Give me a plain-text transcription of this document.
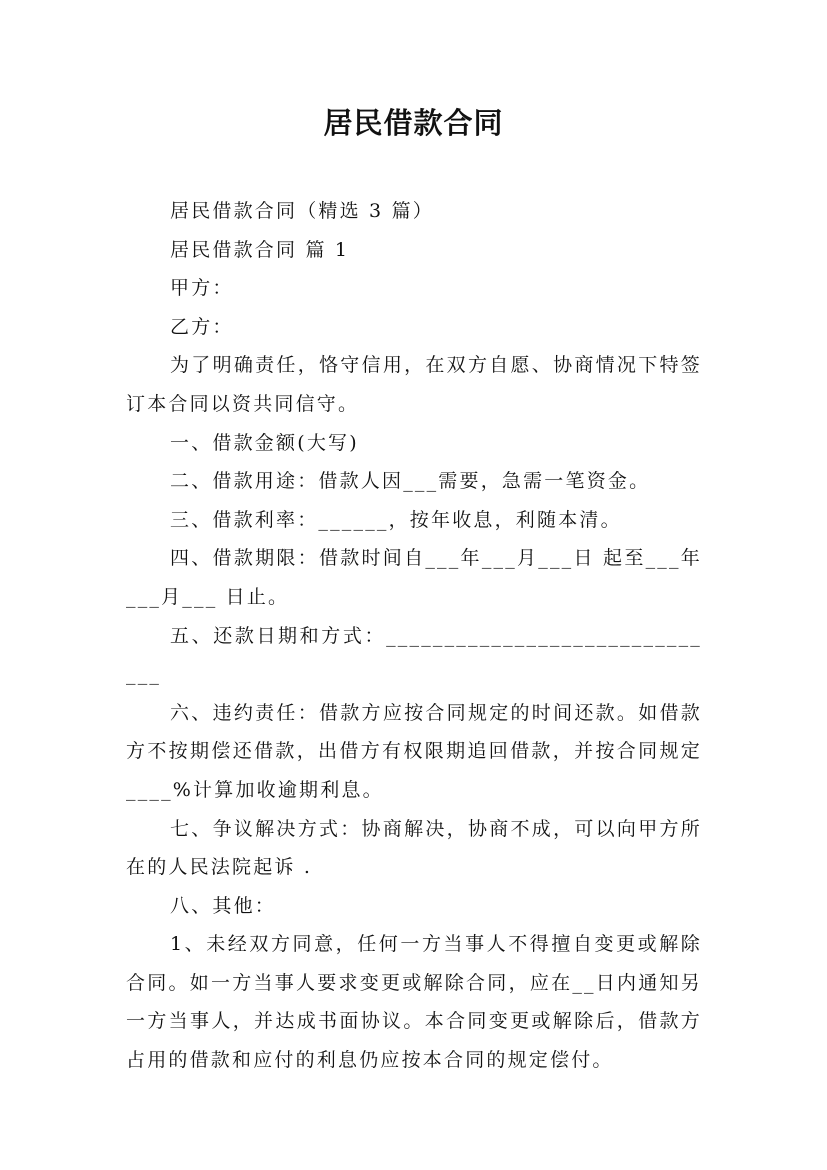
居民借款合同

居民借款合同（精选 3 篇）

居民借款合同 篇 1

甲方：

乙方：

为了明确责任，恪守信用，在双方自愿、协商情况下特签订本合同以资共同信守。

一、借款金额(大写)

二、借款用途：借款人因___需要，急需一笔资金。

三、借款利率：______，按年收息，利随本清。

四、借款期限：借款时间自___年___月___日 起至___年___月___ 日止。

五、还款日期和方式：______________________________

六、违约责任：借款方应按合同规定的时间还款。如借款方不按期偿还借款，出借方有权限期追回借款，并按合同规定____%计算加收逾期利息。

七、争议解决方式：协商解决，协商不成，可以向甲方所在的人民法院起诉 .

八、其他：

1、未经双方同意，任何一方当事人不得擅自变更或解除合同。如一方当事人要求变更或解除合同，应在__日内通知另一方当事人，并达成书面协议。本合同变更或解除后，借款方占用的借款和应付的利息仍应按本合同的规定偿付。
